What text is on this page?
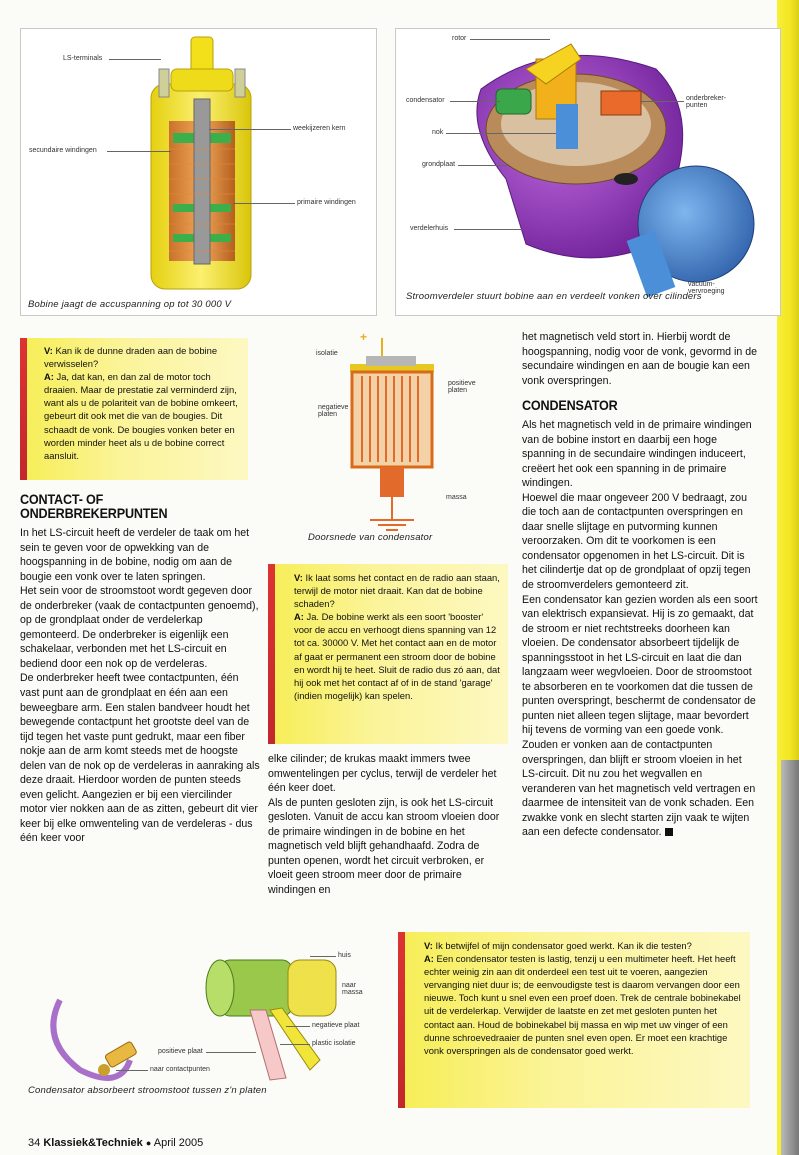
LS-terminals
weekijzeren kern
secundaire windingen
primaire windingen
Bobine jaagt de accuspanning op tot 30 000 V
rotor
condensator	onderbreker-
punten
nok
grondplaat
verdelerhuis
vacuüm-
vervroeging
Stroomverdeler stuurt bobine aan en verdeelt vonken over cilinders

V: Kan ik de dunne draden aan de bobine verwisselen?

A: Ja, dat kan, en dan zal de motor toch draaien. Maar de prestatie zal verminderd zijn, want als u de polariteit van de bobine omkeert, gebeurt dit ook met die van de bougies. Dit schaadt de vonk. De bougies vonken beter en worden minder heet als u de bobine correct aansluit.

+
isolatie
positieve
platen
negatieve
platen
massa
Doorsnede van condensator

het magnetisch veld stort in. Hierbij wordt de hoogspanning, nodig voor de vonk, gevormd in de secundaire windingen en aan de bougie kan een vonk overspringen.

CONTACT- OF ONDERBREKERPUNTEN

In het LS-circuit heeft de verdeler de taak om het sein te geven voor de opwekking van de hoogspanning in de bobine, nodig om aan de bougie een vonk over te laten springen.

Het sein voor de stroomstoot wordt gegeven door de onderbreker (vaak de contactpunten genoemd), op de grondplaat onder de verdelerkap gemonteerd. De onderbreker is eigenlijk een schakelaar, verbonden met het LS-circuit en bediend door een nok op de verdeleras.

De onderbreker heeft twee contactpunten, één vast punt aan de grondplaat en één aan een beweegbare arm. Een stalen bandveer houdt het bewegende contactpunt het grootste deel van de tijd tegen het vaste punt gedrukt, maar een fiber nokje aan de arm komt steeds met de hoogste delen van de nok op de verdeleras in aanraking als deze draait. Hierdoor worden de punten steeds even gelicht. Aangezien er bij een viercilinder motor vier nokken aan de as zitten, gebeurt dit vier keer bij elke omwenteling van de verdeleras - dus één keer voor

V: Ik laat soms het contact en de radio aan staan, terwijl de motor niet draait. Kan dat de bobine schaden?

A: Ja. De bobine werkt als een soort 'booster' voor de accu en verhoogt diens spanning van 12 tot ca. 30000 V. Met het contact aan en de motor af gaat er permanent een stroom door de bobine en wordt hij te heet. Sluit de radio dus zó aan, dat hij ook met het contact af of in de stand 'garage' (indien mogelijk) kan spelen.

elke cilinder; de krukas maakt immers twee omwentelingen per cyclus, terwijl de verdeler het één keer doet.

Als de punten gesloten zijn, is ook het LS-circuit gesloten. Vanuit de accu kan stroom vloeien door de primaire windingen in de bobine en het magnetisch veld blijft gehandhaafd. Zodra de punten openen, wordt het circuit verbroken, er vloeit geen stroom meer door de primaire windingen en

CONDENSATOR

Als het magnetisch veld in de primaire windingen van de bobine instort en daarbij een hoge spanning in de secundaire windingen induceert, creëert het ook een spanning in de primaire windingen.

Hoewel die maar ongeveer 200 V bedraagt, zou die toch aan de contactpunten overspringen en daar snelle slijtage en putvorming kunnen veroorzaken. Om dit te voorkomen is een condensator opgenomen in het LS-circuit. Dit is het cilindertje dat op de grondplaat of opzij tegen de stroomverdelers gemonteerd zit.

Een condensator kan gezien worden als een soort van elektrisch expansievat. Hij is zo gemaakt, dat de stroom er niet rechtstreeks doorheen kan vloeien. De condensator absorbeert tijdelijk de spanningsstoot in het LS-circuit en laat die dan langzaam weer wegvloeien. Door de stroomstoot te absorberen en te voorkomen dat die tussen de punten overspringt, beschermt de condensator de punten niet alleen tegen slijtage, maar bevordert hij tevens de vorming van een goede vonk. Zouden er vonken aan de contactpunten overspringen, dan blijft er stroom vloeien in het LS-circuit. Dit nu zou het wegvallen en veranderen van het magnetisch veld vertragen en daarmee de intensiteit van de vonk schaden. Een zwakke vonk en slecht starten zijn vaak te wijten aan een defecte condensator.

huis
naar
massa
negatieve plaat
plastic isolatie
positieve plaat
naar contactpunten
Condensator absorbeert stroomstoot tussen z'n platen

V: Ik betwijfel of mijn condensator goed werkt. Kan ik die testen?

A: Een condensator testen is lastig, tenzij u een multimeter heeft. Het heeft echter weinig zin aan dit onderdeel een test uit te voeren, aangezien vervanging niet duur is; de eenvoudigste test is daarom vervangen door een nieuwe. Toch kunt u snel even een proef doen. Trek de centrale bobinekabel uit de verdelerkap. Verwijder de laatste en zet met gesloten punten het contact aan. Houd de bobinekabel bij massa en wip met uw vinger of een dunne schroevedraaier de punten snel even open. Er moet een krachtige vonk overspringen als de condensator goed werkt.

34 Klassiek&Techniek ● April 2005
